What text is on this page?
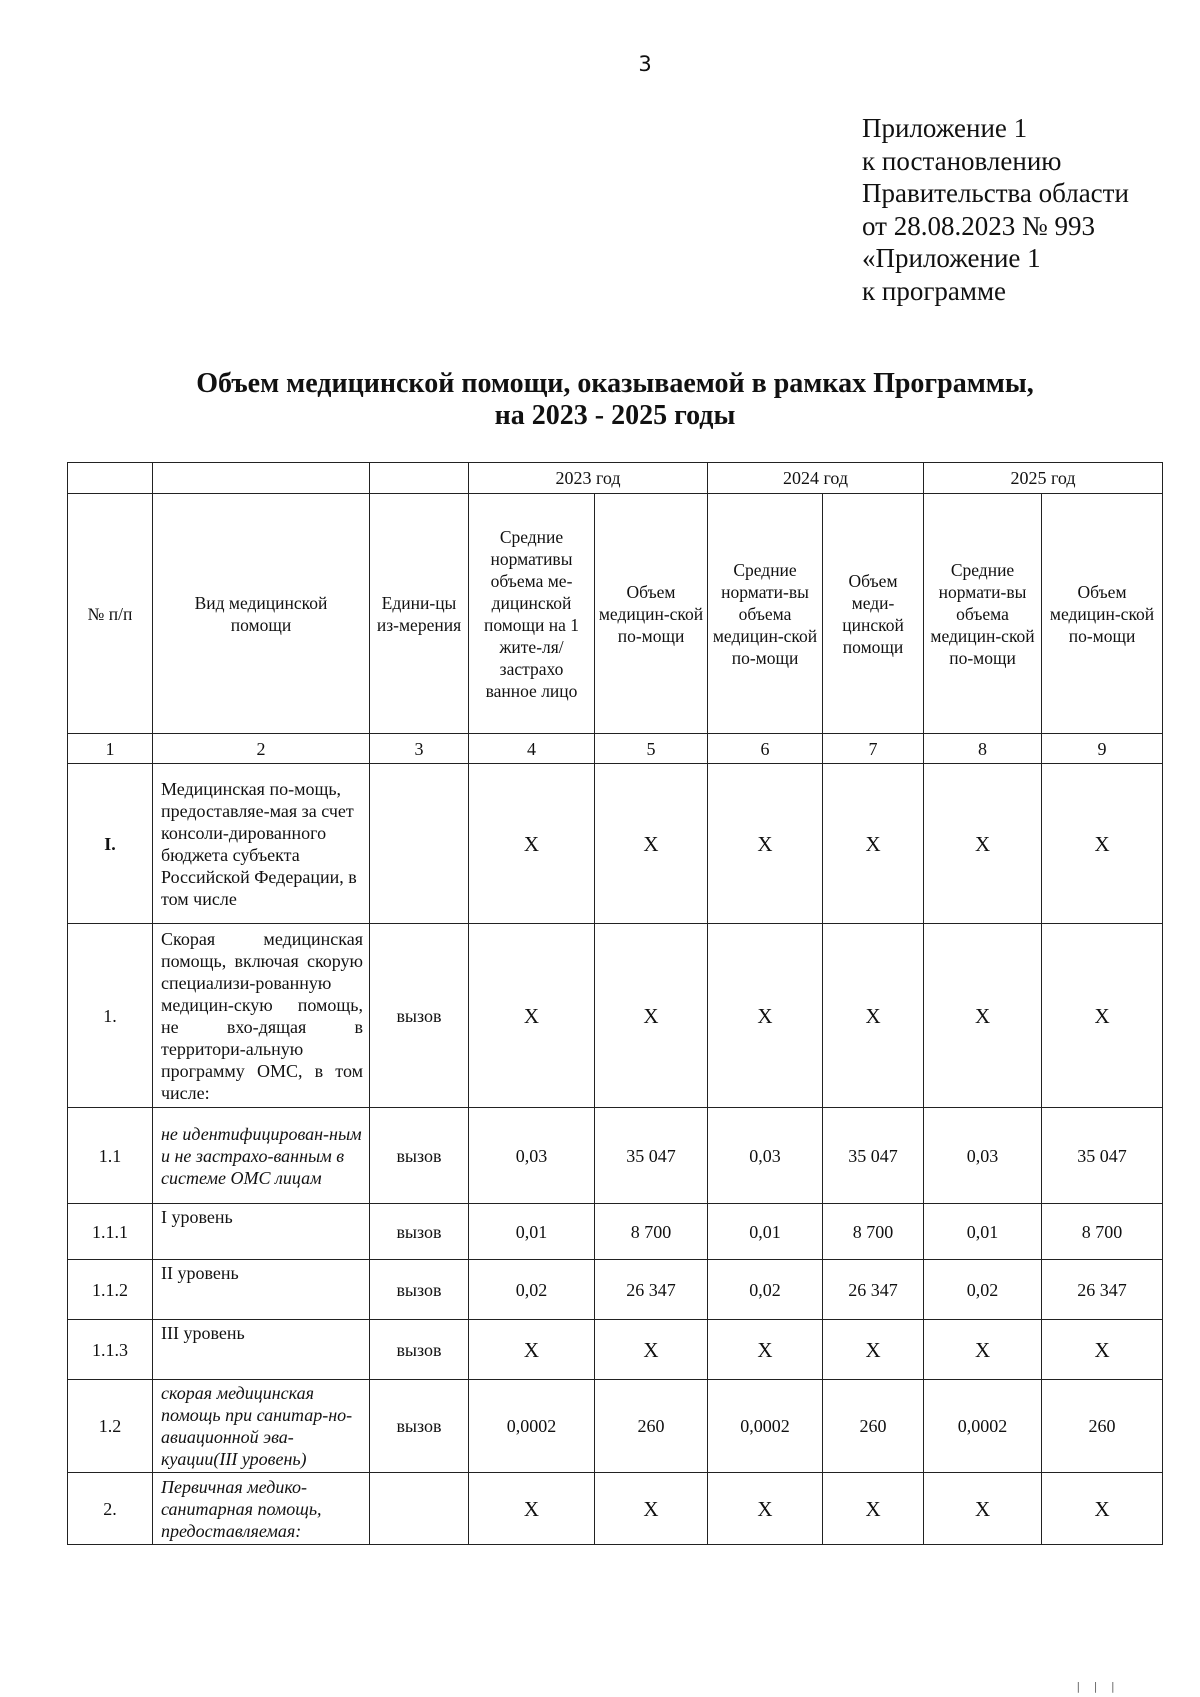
3
Приложение 1
к постановлению
Правительства области
от 28.08.2023 № 993
«Приложение 1
к программе
Объем медицинской помощи, оказываемой в рамках Программы,
на 2023 - 2025 годы
			2023 год		2024 год		2025 год	
№ п/п	Вид медицинской помощи	Едини-цы из-мерения	Средние нормативы объема ме-дицинской помощи на 1 жите-ля/застрахо ванное лицо	Объем медицин-ской по-мощи	Средние нормати-вы объема медицин-ской по-мощи	Объем меди-цинской помощи	Средние нормати-вы объема медицин-ской по-мощи	Объем медицин-ской по-мощи
1	2	3	4	5	6	7	8	9
I.	Медицинская по-мощь, предоставляе-мая за счет консоли-дированного бюджета субъекта Российской Федерации, в том числе		X	X	X	X	X	X
1.	Скорая медицинская помощь, включая скорую специализи-рованную медицин-скую помощь, не вхо-дящая в территори-альную программу ОМС, в том числе:	вызов	X	X	X	X	X	X
1.1	не идентифицирован-ным и не застрахо-ванным в системе ОМС лицам	вызов	0,03	35 047	0,03	35 047	0,03	35 047
1.1.1	I уровень	вызов	0,01	8 700	0,01	8 700	0,01	8 700
1.1.2	II уровень	вызов	0,02	26 347	0,02	26 347	0,02	26 347
1.1.3	III уровень	вызов	X	X	X	X	X	X
1.2	скорая медицинская помощь при санитар-но- авиационной эва-куации(III уровень)	вызов	0,0002	260	0,0002	260	0,0002	260
2.	Первичная медико-санитарная помощь, предоставляемая:		X	X	X	X	X	X
| | |
